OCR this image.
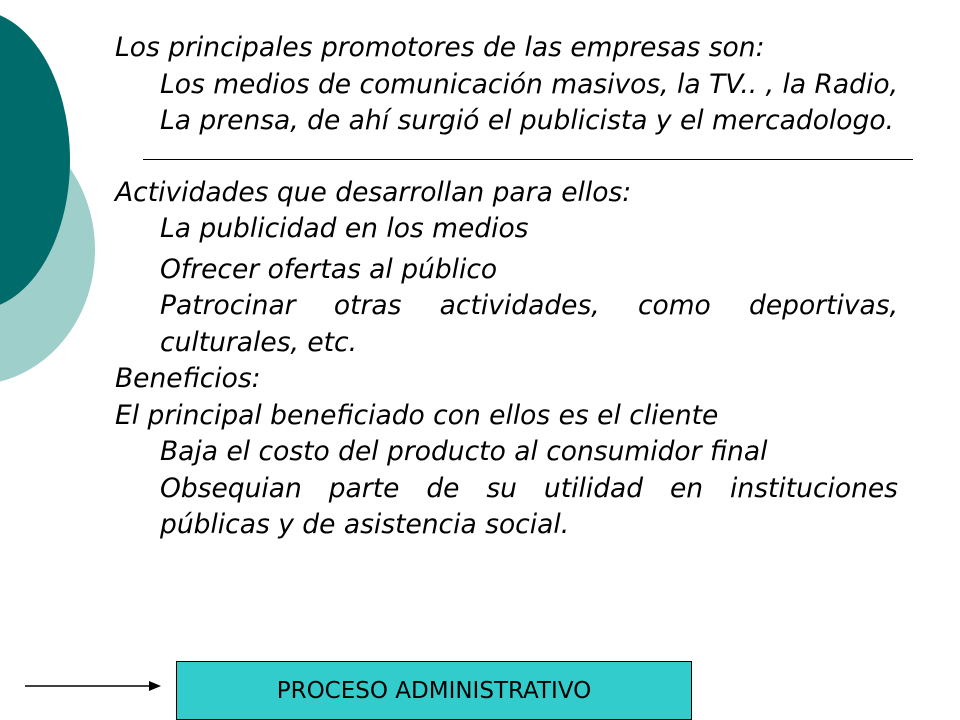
Los principales promotores de las empresas son:
Los medios de comunicación masivos, la TV.. , la Radio, La prensa, de ahí surgió el publicista y el mercadologo.

Actividades que desarrollan para ellos:

La publicidad en los medios

Ofrecer ofertas al público

Patrocinar otras actividades, como deportivas, culturales, etc.

Beneficios:

El principal beneficiado con ellos es el cliente

Baja el costo del producto al consumidor final

Obsequian parte de su utilidad en instituciones públicas y de asistencia social.

PROCESO ADMINISTRATIVO
